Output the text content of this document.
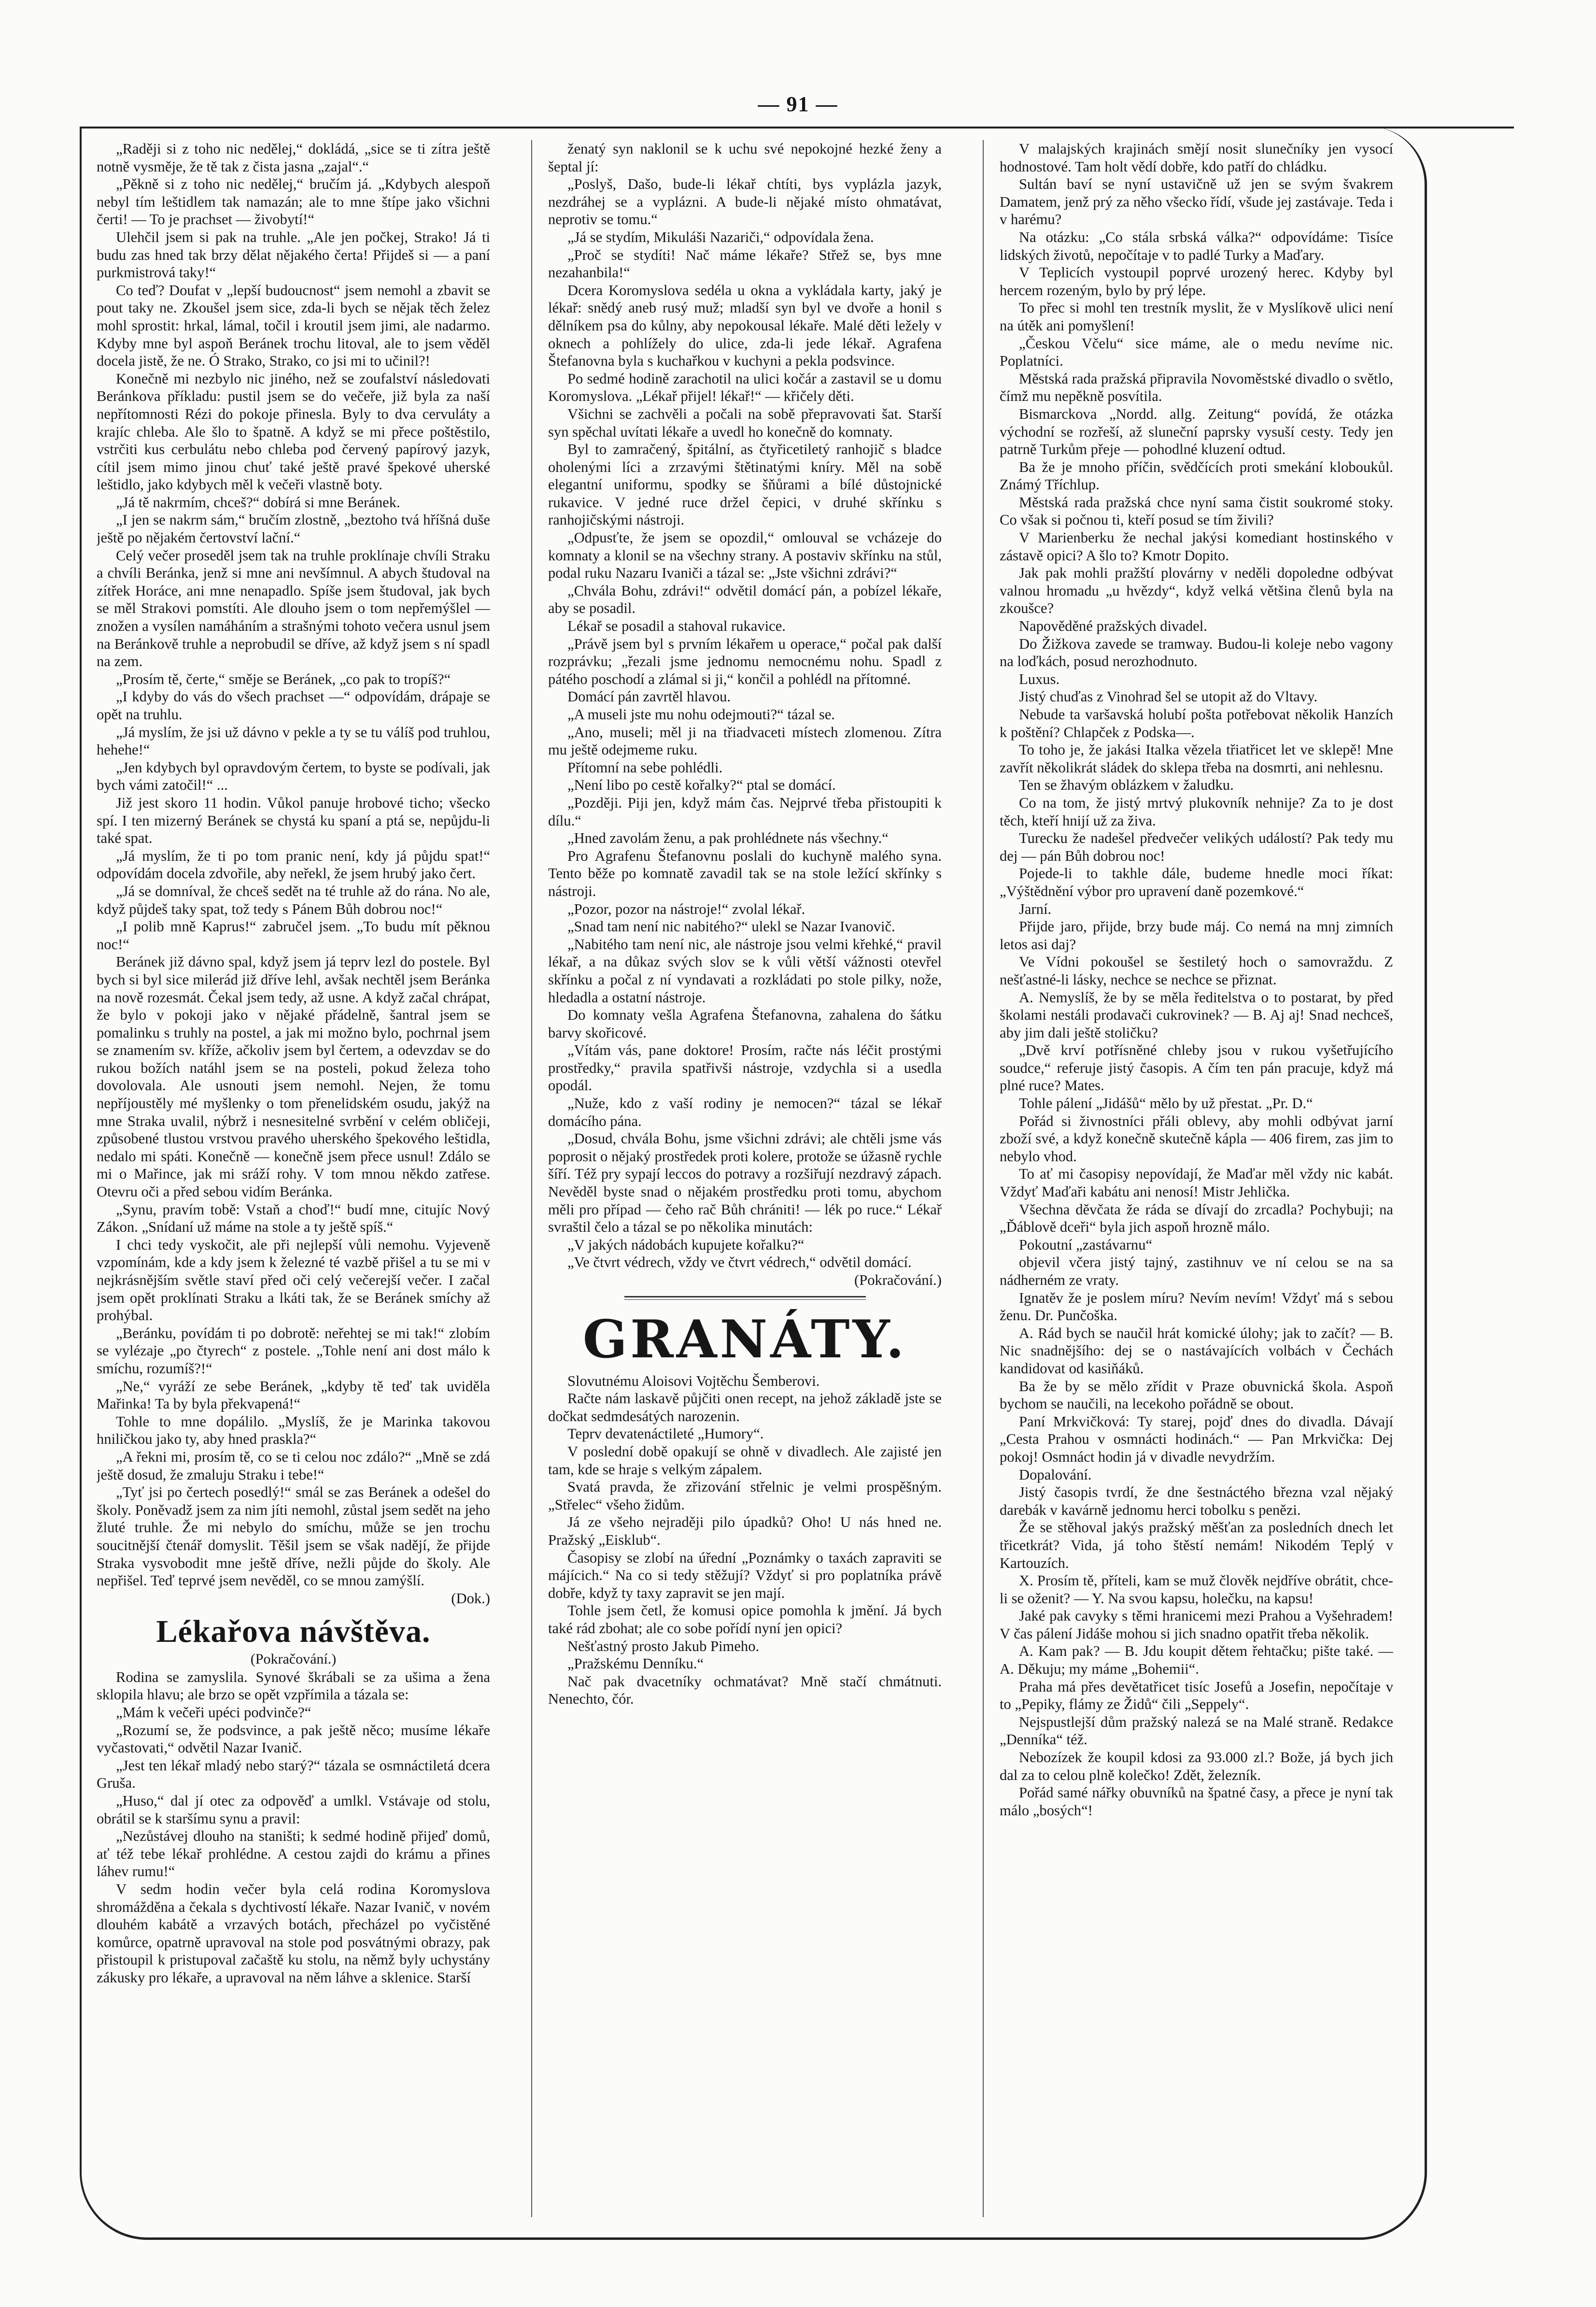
— 91 —

„Raději si z toho nic nedělej,“ dokládá, „sice se ti zítra ještě notně vysměje, že tě tak z čista jasna „zajal“.“

„Pěkně si z toho nic nedělej,“ bručím já. „Kdybych alespoň nebyl tím leštidlem tak namazán; ale to mne štípe jako všichni čerti! — To je prachset — živobytí!“

Ulehčil jsem si pak na truhle. „Ale jen počkej, Strako! Já ti budu zas hned tak brzy dělat nějakého čerta! Přijdeš si — a paní purkmistrová taky!“

Co teď? Doufat v „lepší budoucnost“ jsem nemohl a zbavit se pout taky ne. Zkoušel jsem sice, zda-li bych se nějak těch želez mohl sprostit: hrkal, lámal, točil i kroutil jsem jimi, ale nadarmo. Kdyby mne byl aspoň Beránek trochu litoval, ale to jsem věděl docela jistě, že ne. Ó Strako, Strako, co jsi mi to učinil?!

Konečně mi nezbylo nic jiného, než se zoufalství následovati Beránkova příkladu: pustil jsem se do večeře, již byla za naší nepřítomnosti Rézi do pokoje přinesla. Byly to dva cervuláty a krajíc chleba. Ale šlo to špatně. A když se mi přece poštěstilo, vstrčiti kus cerbulátu nebo chleba pod červený papírový jazyk, cítil jsem mimo jinou chuť také ještě pravé špekové uherské leštidlo, jako kdybych měl k večeři vlastně boty.

„Já tě nakrmím, chceš?“ dobírá si mne Beránek.

„I jen se nakrm sám,“ bručím zlostně, „beztoho tvá hříšná duše ještě po nějakém čertovství lační.“

Celý večer proseděl jsem tak na truhle proklínaje chvíli Straku a chvíli Beránka, jenž si mne ani nevšímnul. A abych študoval na zítřek Horáce, ani mne nenapadlo. Spíše jsem študoval, jak bych se měl Strakovi pomstíti. Ale dlouho jsem o tom nepřemýšlel — znožen a vysílen namáháním a strašnými tohoto večera usnul jsem na Beránkově truhle a neprobudil se dříve, až když jsem s ní spadl na zem.

„Prosím tě, čerte,“ směje se Beránek, „co pak to tropíš?“

„I kdyby do vás do všech prachset —“ odpovídám, drápaje se opět na truhlu.

„Já myslím, že jsi už dávno v pekle a ty se tu válíš pod truhlou, hehehe!“

„Jen kdybych byl opravdovým čertem, to byste se podívali, jak bych vámi zatočil!“ ...

Již jest skoro 11 hodin. Vůkol panuje hrobové ticho; všecko spí. I ten mizerný Beránek se chystá ku spaní a ptá se, nepůjdu-li také spat.

„Já myslím, že ti po tom pranic není, kdy já půjdu spat!“ odpovídám docela zdvořile, aby neřekl, že jsem hrubý jako čert.

„Já se domníval, že chceš sedět na té truhle až do rána. No ale, když půjdeš taky spat, tož tedy s Pánem Bůh dobrou noc!“

„I polib mně Kaprus!“ zabručel jsem. „To budu mít pěknou noc!“

Beránek již dávno spal, když jsem já teprv lezl do postele. Byl bych si byl sice milerád již dříve lehl, avšak nechtěl jsem Beránka na nově rozesmát. Čekal jsem tedy, až usne. A když začal chrápat, že bylo v pokoji jako v nějaké přádelně, šantral jsem se pomalinku s truhly na postel, a jak mi možno bylo, pochrnal jsem se znamením sv. kříže, ačkoliv jsem byl čertem, a odevzdav se do rukou božích natáhl jsem se na posteli, pokud železa toho dovolovala. Ale usnouti jsem nemohl. Nejen, že tomu nepříjoustěly mé myšlenky o tom přenelidském osudu, jakýž na mne Straka uvalil, nýbrž i nesnesitelné svrbění v celém obličeji, způsobené tlustou vrstvou pravého uherského špekového leštidla, nedalo mi spáti. Konečně — konečně jsem přece usnul! Zdálo se mi o Mařince, jak mi sráží rohy. V tom mnou někdo zatřese. Otevru oči a před sebou vidím Beránka.

„Synu, pravím tobě: Vstaň a choď!“ budí mne, citujíc Nový Zákon. „Snídaní už máme na stole a ty ještě spíš.“

I chci tedy vyskočit, ale při nejlepší vůli nemohu. Vyjeveně vzpomínám, kde a kdy jsem k železné té vazbě přišel a tu se mi v nejkrásnějším světle staví před oči celý večerejší večer. I začal jsem opět proklínati Straku a lkáti tak, že se Beránek smíchy až prohýbal.

„Beránku, povídám ti po dobrotě: neřehtej se mi tak!“ zlobím se vylézaje „po čtyrech“ z postele. „Tohle není ani dost málo k smíchu, rozumíš?!“

„Ne,“ vyráží ze sebe Beránek, „kdyby tě teď tak uviděla Mařinka! Ta by byla překvapená!“

Tohle to mne dopálilo. „Myslíš, že je Marinka takovou hniličkou jako ty, aby hned praskla?“

„A řekni mi, prosím tě, co se ti celou noc zdálo?“ „Mně se zdá ještě dosud, že zmaluju Straku i tebe!“

„Tyť jsi po čertech posedlý!“ smál se zas Beránek a odešel do školy. Poněvadž jsem za nim jíti nemohl, zůstal jsem sedět na jeho žluté truhle. Že mi nebylo do smíchu, může se jen trochu soucitnější čtenář domyslit. Těšil jsem se však nadějí, že přijde Straka vysvobodit mne ještě dříve, nežli půjde do školy. Ale nepřišel. Teď teprvé jsem nevěděl, co se mnou zamýšlí.

(Dok.)

Lékařova návštěva.

(Pokračování.)

Rodina se zamyslila. Synové škrábali se za ušima a žena sklopila hlavu; ale brzo se opět vzpřímila a tázala se:

„Mám k večeři upéci podvinče?“

„Rozumí se, že podsvince, a pak ještě něco; musíme lékaře vyčastovati,“ odvětil Nazar Ivanič.

„Jest ten lékař mladý nebo starý?“ tázala se osmnáctiletá dcera Gruša.

„Huso,“ dal jí otec za odpověď a umlkl. Vstávaje od stolu, obrátil se k staršímu synu a pravil:

„Nezůstávej dlouho na staništi; k sedmé hodině přijeď domů, ať též tebe lékař prohlédne. A cestou zajdi do krámu a přines láhev rumu!“

V sedm hodin večer byla celá rodina Koromyslova shromážděna a čekala s dychtivostí lékaře. Nazar Ivanič, v novém dlouhém kabátě a vrzavých botách, přecházel po vyčistěné komůrce, opatrně upravoval na stole pod posvátnými obrazy, pak přistoupil k pristupoval začaště ku stolu, na němž byly uchystány zákusky pro lékaře, a upravoval na něm láhve a sklenice. Starší

ženatý syn naklonil se k uchu své nepokojné hezké ženy a šeptal jí:

„Poslyš, Dašo, bude-li lékař chtíti, bys vyplázla jazyk, nezdráhej se a vyplázni. A bude-li nějaké místo ohmatávat, neprotiv se tomu.“

„Já se stydím, Mikuláši Nazariči,“ odpovídala žena.

„Proč se stydíti! Nač máme lékaře? Střež se, bys mne nezahanbila!“

Dcera Koromyslova sedéla u okna a vykládala karty, jaký je lékař: snědý aneb rusý muž; mladší syn byl ve dvoře a honil s dělníkem psa do kůlny, aby nepokousal lékaře. Malé děti ležely v oknech a pohlížely do ulice, zda-li jede lékař. Agrafena Štefanovna byla s kuchařkou v kuchyni a pekla podsvince.

Po sedmé hodině zarachotil na ulici kočár a zastavil se u domu Koromyslova. „Lékař přijel! lékař!“ — křičely děti.

Všichni se zachvěli a počali na sobě přepravovati šat. Starší syn spěchal uvítati lékaře a uvedl ho konečně do komnaty.

Byl to zamračený, špitální, as čtyřicetiletý ranhojič s bladce oholenými líci a zrzavými štětinatými kníry. Měl na sobě elegantní uniformu, spodky se šňůrami a bílé důstojnické rukavice. V jedné ruce držel čepici, v druhé skřínku s ranhojičskými nástroji.

„Odpusťte, že jsem se opozdil,“ omlouval se vcházeje do komnaty a klonil se na všechny strany. A postaviv skřínku na stůl, podal ruku Nazaru Ivaniči a tázal se: „Jste všichni zdrávi?“

„Chvála Bohu, zdrávi!“ odvětil domácí pán, a pobízel lékaře, aby se posadil.

Lékař se posadil a stahoval rukavice.

„Právě jsem byl s prvním lékařem u operace,“ počal pak další rozprávku; „řezali jsme jednomu nemocnému nohu. Spadl z pátého poschodí a zlámal si ji,“ končil a pohlédl na přítomné.

Domácí pán zavrtěl hlavou.

„A museli jste mu nohu odejmouti?“ tázal se.

„Ano, museli; měl ji na třiadvaceti místech zlomenou. Zítra mu ještě odejmeme ruku.

Přítomní na sebe pohlédli.

„Není libo po cestě kořalky?“ ptal se domácí.

„Později. Piji jen, když mám čas. Nejprvé třeba přistoupiti k dílu.“

„Hned zavolám ženu, a pak prohlédnete nás všechny.“

Pro Agrafenu Štefanovnu poslali do kuchyně malého syna. Tento běže po komnatě zavadil tak se na stole ležící skřínky s nástroji.

„Pozor, pozor na nástroje!“ zvolal lékař.

„Snad tam není nic nabitého?“ ulekl se Nazar Ivanovič.

„Nabitého tam není nic, ale nástroje jsou velmi křehké,“ pravil lékař, a na důkaz svých slov se k vůli větší vážnosti otevřel skřínku a počal z ní vyndavati a rozkládati po stole pilky, nože, hledadla a ostatní nástroje.

Do komnaty vešla Agrafena Štefanovna, zahalena do šátku barvy skořicové.

„Vítám vás, pane doktore! Prosím, račte nás léčit prostými prostředky,“ pravila spatřivši nástroje, vzdychla si a usedla opodál.

„Nuže, kdo z vaší rodiny je nemocen?“ tázal se lékař domácího pána.

„Dosud, chvála Bohu, jsme všichni zdrávi; ale chtěli jsme vás poprosit o nějaký prostředek proti kolere, protože se úžasně rychle šíří. Též pry sypají leccos do potravy a rozšiřují nezdravý zápach. Nevěděl byste snad o nějakém prostředku proti tomu, abychom měli pro případ — čeho rač Bůh chrániti! — lék po ruce.“ Lékař svraštil čelo a tázal se po několika minutách:

„V jakých nádobách kupujete kořalku?“

„Ve čtvrt védrech, vždy ve čtvrt védrech,“ odvětil domácí.

(Pokračování.)

GRANÁTY.

Slovutnému Aloisovi Vojtěchu Šemberovi.

Račte nám laskavě půjčiti onen recept, na jehož základě jste se dočkat sedmdesátých narozenin.

Teprv devatenáctileté „Humory“.

V poslední době opakují se ohně v divadlech. Ale zajisté jen tam, kde se hraje s velkým zápalem.

Svatá pravda, že zřizování střelnic je velmi prospěšným. „Střelec“ všeho židům.

Já ze všeho nejraději pilo úpadků? Oho! U nás hned ne. Pražský „Eisklub“.

Časopisy se zlobí na úřední „Poznámky o taxách zapraviti se májícich.“ Na co si tedy stěžují? Vždyť si pro poplatníka právě dobře, když ty taxy zapravit se jen mají.

Tohle jsem četl, že komusi opice pomohla k jmění. Já bych také rád zbohat; ale co sobe pořídí nyní jen opici?

Nešťastný prosto Jakub Pimeho.

„Pražskému Denníku.“

Nač pak dvacetníky ochmatávat? Mně stačí chmátnuti. Nenechto, čór.

V malajských krajinách smějí nosit slunečníky jen vysocí hodnostové. Tam holt vědí dobře, kdo patří do chládku.

Sultán baví se nyní ustavičně už jen se svým švakrem Damatem, jenž prý za něho všecko řídí, všude jej zastávaje. Teda i v harému?

Na otázku: „Co stála srbská válka?“ odpovídáme: Tisíce lidských životů, nepočítaje v to padlé Turky a Maďary.

V Teplicích vystoupil poprvé urozený herec. Kdyby byl hercem rozeným, bylo by prý lépe.

To přec si mohl ten trestník myslit, že v Myslíkově ulici není na útěk ani pomyšlení!

„Českou Včelu“ sice máme, ale o medu nevíme nic. Poplatníci.

Městská rada pražská připravila Novoměstské divadlo o světlo, čímž mu nepěkně posvítila.

Bismarckova „Nordd. allg. Zeitung“ povídá, že otázka východní se rozřeší, až sluneční paprsky vysuší cesty. Tedy jen patrně Turkům přeje — pohodlné kluzení odtud.

Ba že je mnoho příčin, svědčících proti smekání kloboukůl. Známý Tříchlup.

Městská rada pražská chce nyní sama čistit soukromé stoky. Co však si počnou ti, kteří posud se tím živili?

V Marienberku že nechal jakýsi komediant hostinského v zástavě opici? A šlo to? Kmotr Dopito.

Jak pak mohli pražští plovárny v neděli dopoledne odbývat valnou hromadu „u hvězdy“, když velká většina členů byla na zkoušce?

Napověděné pražských divadel.

Do Žižkova zavede se tramway. Budou-li koleje nebo vagony na loďkách, posud nerozhodnuto.

Luxus.

Jistý chuďas z Vinohrad šel se utopit až do Vltavy.

Nebude ta varšavská holubí pošta potřebovat několik Hanzích k poštění? Chlapček z Podska—.

To toho je, že jakási Italka vězela třiatřicet let ve sklepě! Mne zavřít několikrát sládek do sklepa třeba na dosmrti, ani nehlesnu.

Ten se žhavým oblázkem v žaludku.

Co na tom, že jistý mrtvý plukovník nehnije? Za to je dost těch, kteří hnijí už za živa.

Turecku že nadešel předvečer velikých událostí? Pak tedy mu dej — pán Bůh dobrou noc!

Pojede-li to takhle dále, budeme hnedle moci říkat: „Výštědnění výbor pro upravení daně pozemkové.“

Jarní.

Přijde jaro, přijde, brzy bude máj. Co nemá na mnj zimních letos asi daj?

Ve Vídni pokoušel se šestiletý hoch o samovraždu. Z nešťastné-li lásky, nechce se nechce se přiznat.

A. Nemyslíš, že by se měla ředitelstva o to postarat, by před školami nestáli prodavači cukrovinek? — B. Aj aj! Snad nechceš, aby jim dali ještě stoličku?

„Dvě krví potřísněné chleby jsou v rukou vyšetřujícího soudce,“ referuje jistý časopis. A čím ten pán pracuje, když má plné ruce? Mates.

Tohle pálení „Jidášů“ mělo by už přestat. „Pr. D.“

Pořád si živnostníci přáli oblevy, aby mohli odbývat jarní zboží své, a když konečně skutečně kápla — 406 firem, zas jim to nebylo vhod.

To ať mi časopisy nepovídají, že Maďar měl vždy nic kabát. Vždyť Maďaři kabátu ani nenosí! Mistr Jehlička.

Všechna děvčata že ráda se dívají do zrcadla? Pochybuji; na „Ďáblově dceři“ byla jich aspoň hrozně málo.

Pokoutní „zastávarnu“

objevil včera jistý tajný, zastihnuv ve ní celou se na sa nádherném ze vraty.

Ignatěv že je poslem míru? Nevím nevím! Vždyť má s sebou ženu. Dr. Punčoška.

A. Rád bych se naučil hrát komické úlohy; jak to začít? — B. Nic snadnějšího: dej se o nastávajících volbách v Čechách kandidovat od kasiňáků.

Ba že by se mělo zřídit v Praze obuvnická škola. Aspoň bychom se naučili, na lecekoho pořádně se obout.

Paní Mrkvičková: Ty starej, pojď dnes do divadla. Dávají „Cesta Prahou v osmnácti hodinách.“ — Pan Mrkvička: Dej pokoj! Osmnáct hodin já v divadle nevydržím.

Dopalování.

Jistý časopis tvrdí, že dne šestnáctého března vzal nějaký darebák v kavárně jednomu herci tobolku s penězi.

Že se stěhoval jakýs pražský měšťan za posledních dnech let třicetkrát? Vida, já toho štěstí nemám! Nikodém Teplý v Kartouzích.

X. Prosím tě, příteli, kam se muž člověk nejdříve obrátit, chce-li se oženit? — Y. Na svou kapsu, holečku, na kapsu!

Jaké pak cavyky s těmi hranicemi mezi Prahou a Vyšehradem! V čas pálení Jidáše mohou si jich snadno opatřit třeba několik.

A. Kam pak? — B. Jdu koupit dětem řehtačku; pište také. — A. Děkuju; my máme „Bohemii“.

Praha má přes devětatřicet tisíc Josefů a Josefin, nepočítaje v to „Pepiky, flámy ze Židů“ čili „Seppely“.

Nejspustlejší dům pražský nalezá se na Malé straně. Redakce „Denníka“ též.

Nebozízek že koupil kdosi za 93.000 zl.? Bože, já bych jich dal za to celou plně kolečko! Zdět, železník.

Pořád samé nářky obuvníků na špatné časy, a přece je nyní tak málo „bosých“!
